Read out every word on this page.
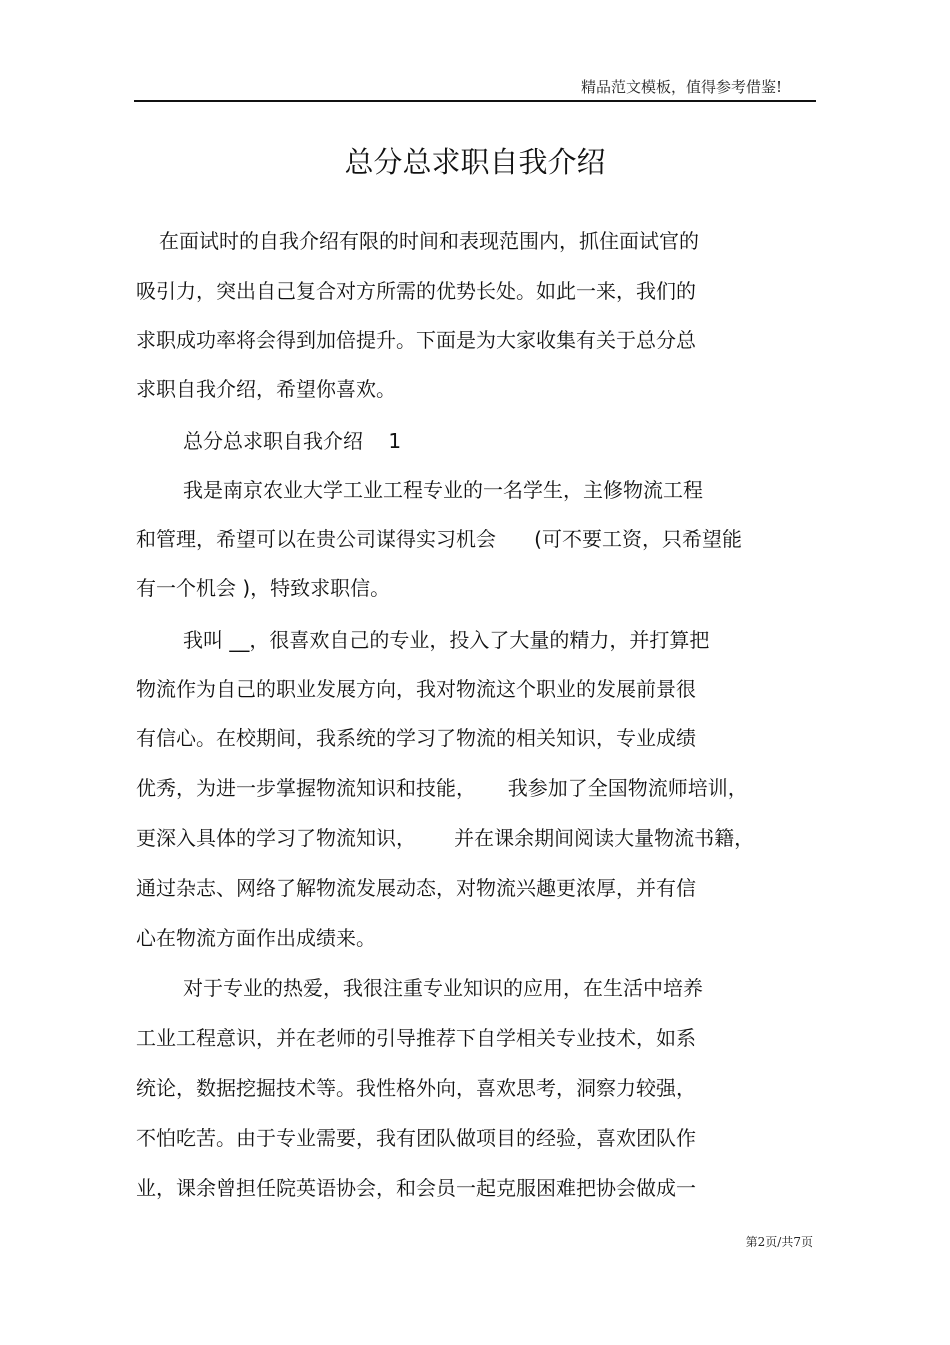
精品范文模板，值得参考借鉴!
总分总求职自我介绍
在面试时的自我介绍有限的时间和表现范围内，抓住面试官的
吸引力，突出自己复合对方所需的优势长处。如此一来，我们的
求职成功率将会得到加倍提升。下面是为大家收集有关于总分总
求职自我介绍，希望你喜欢。
总分总求职自我介绍    1
我是南京农业大学工业工程专业的一名学生，主修物流工程
和管理，希望可以在贵公司谋得实习机会      (可不要工资，只希望能
有一个机会 )，特致求职信。
我叫 __，很喜欢自己的专业，投入了大量的精力，并打算把
物流作为自己的职业发展方向，我对物流这个职业的发展前景很
有信心。在校期间，我系统的学习了物流的相关知识，专业成绩
优秀，为进一步掌握物流知识和技能，     我参加了全国物流师培训，
更深入具体的学习了物流知识，      并在课余期间阅读大量物流书籍，
通过杂志、网络了解物流发展动态，对物流兴趣更浓厚，并有信
心在物流方面作出成绩来。
对于专业的热爱，我很注重专业知识的应用，在生活中培养
工业工程意识，并在老师的引导推荐下自学相关专业技术，如系
统论，数据挖掘技术等。我性格外向，喜欢思考，洞察力较强，
不怕吃苦。由于专业需要，我有团队做项目的经验，喜欢团队作
业，课余曾担任院英语协会，和会员一起克服困难把协会做成一
第2页/共7页
